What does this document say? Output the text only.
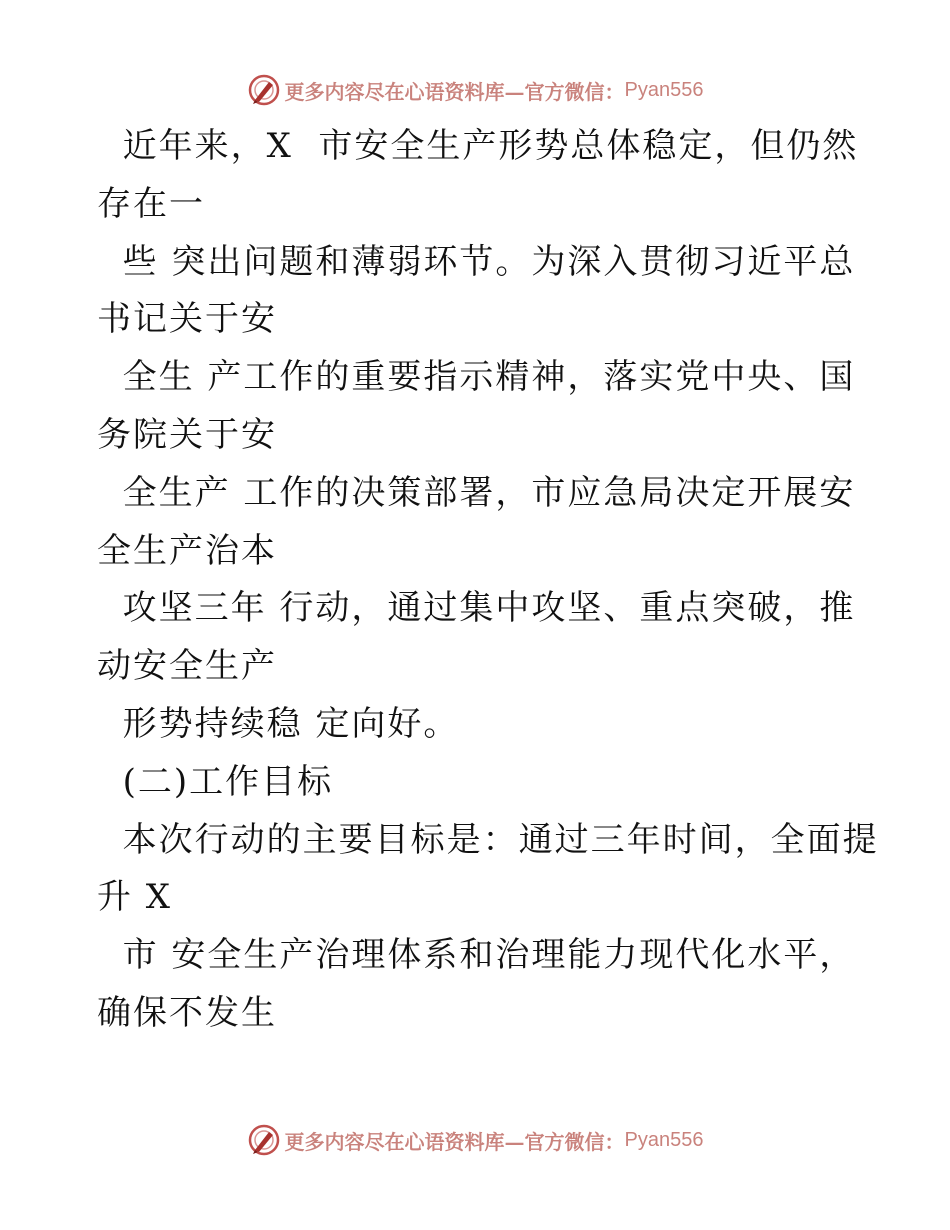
更多内容尽在心语资料库—官方微信： Pyan556
近年来，X  市安全生产形势总体稳定，但仍然
存在一
些 突出问题和薄弱环节。为深入贯彻习近平总
书记关于安
全生 产工作的重要指示精神，落实党中央、国
务院关于安
全生产 工作的决策部署，市应急局决定开展安
全生产治本
攻坚三年 行动，通过集中攻坚、重点突破，推
动安全生产
形势持续稳 定向好。
(二)工作目标
本次行动的主要目标是：通过三年时间，全面提
升 X
市 安全生产治理体系和治理能力现代化水平，
确保不发生
更多内容尽在心语资料库—官方微信： Pyan556
